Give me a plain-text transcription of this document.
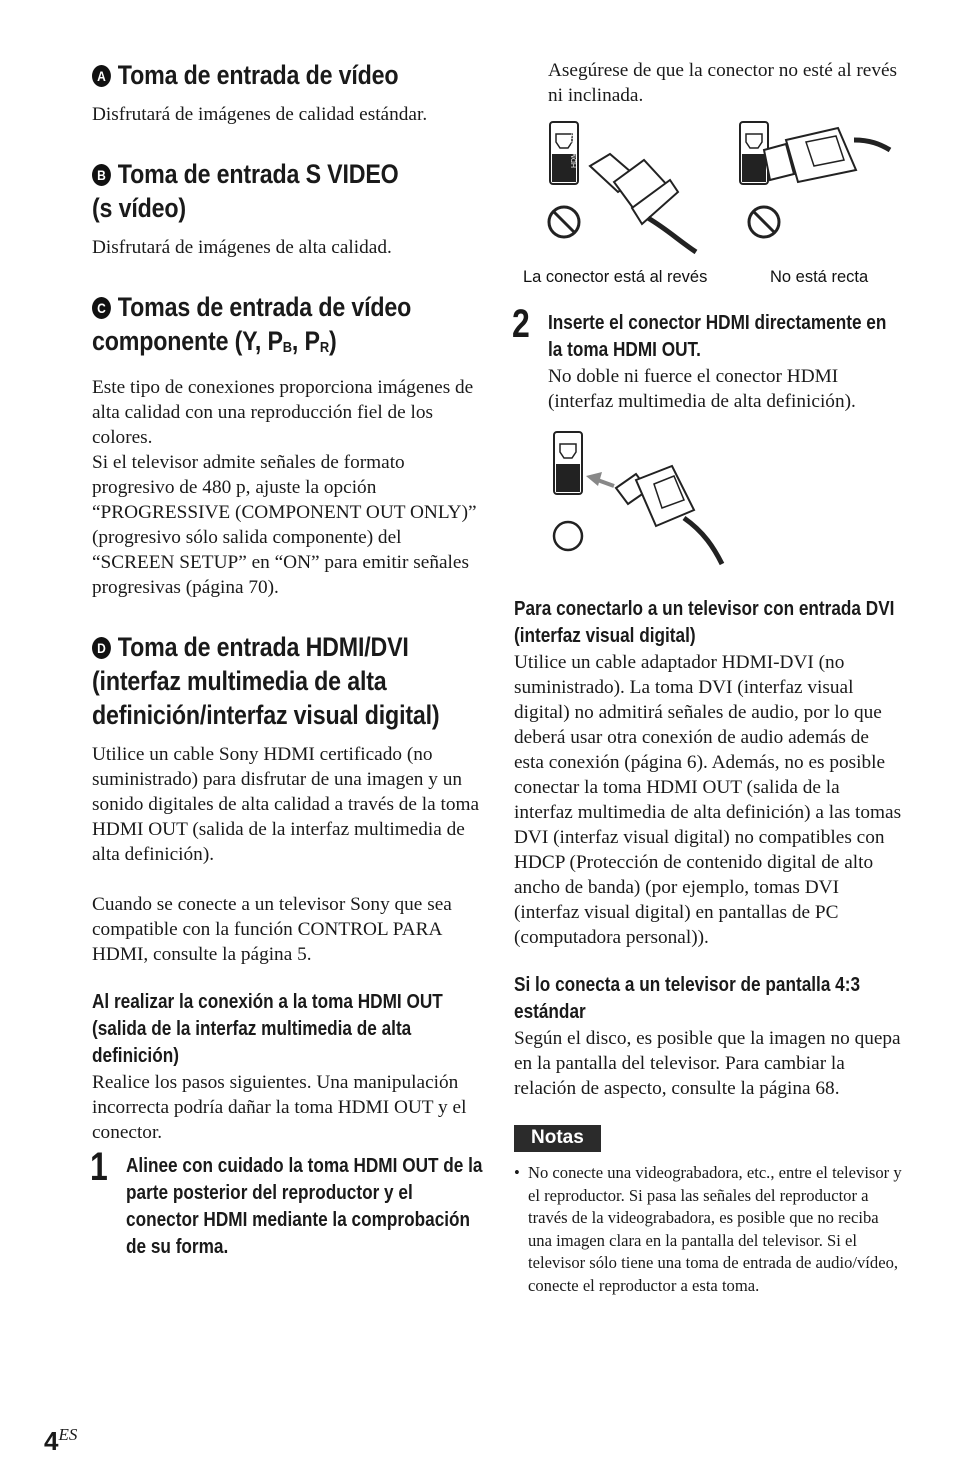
A Toma de entrada de vídeo

Disfrutará de imágenes de calidad estándar.

B Toma de entrada S VIDEO
(s vídeo)

Disfrutará de imágenes de alta calidad.

C Tomas de entrada de vídeo
componente (Y, PB, PR)

Este tipo de conexiones proporciona imágenes de alta calidad con una reproducción fiel de los colores.

Si el televisor admite señales de formato progresivo de 480 p, ajuste la opción “PROGRESSIVE (COMPONENT OUT ONLY)” (progresivo sólo salida componente) del “SCREEN SETUP” en “ON” para emitir señales progresivas (página 70).

D Toma de entrada HDMI/DVI (interfaz multimedia de alta definición/interfaz visual digital)

Utilice un cable Sony HDMI certificado (no suministrado) para disfrutar de una imagen y un sonido digitales de alta calidad a través de la toma HDMI OUT (salida de la interfaz multimedia de alta definición).

Cuando se conecte a un televisor Sony que sea compatible con la función CONTROL PARA HDMI, consulte la página 5.

Al realizar la conexión a la toma HDMI OUT (salida de la interfaz multimedia de alta definición)

Realice los pasos siguientes. Una manipulación incorrecta podría dañar la toma HDMI OUT y el conector.

1 Alinee con cuidado la toma HDMI OUT de la parte posterior del reproductor y el conector HDMI mediante la comprobación de su forma.

Asegúrese de que la conector no esté al revés ni inclinada.

HDMI OUT
La conector está al revés	No está recta
2 Inserte el conector HDMI directamente en la toma HDMI OUT.

No doble ni fuerce el conector HDMI (interfaz multimedia de alta definición).

Para conectarlo a un televisor con entrada DVI (interfaz visual digital)

Utilice un cable adaptador HDMI-DVI (no suministrado). La toma DVI (interfaz visual digital) no admitirá señales de audio, por lo que deberá usar otra conexión de audio además de esta conexión (página 6). Además, no es posible conectar la toma HDMI OUT (salida de la interfaz multimedia de alta definición) a las tomas DVI (interfaz visual digital) no compatibles con HDCP (Protección de contenido digital de alto ancho de banda) (por ejemplo, tomas DVI (interfaz visual digital) en pantallas de PC (computadora personal)).

Si lo conecta a un televisor de pantalla 4:3 estándar

Según el disco, es posible que la imagen no quepa en la pantalla del televisor. Para cambiar la relación de aspecto, consulte la página 68.

Notas

• No conecte una videograbadora, etc., entre el televisor y el reproductor. Si pasa las señales del reproductor a través de la videograbadora, es posible que no reciba una imagen clara en la pantalla del televisor. Si el televisor sólo tiene una toma de entrada de audio/vídeo, conecte el reproductor a esta toma.

$4^{ES}$
